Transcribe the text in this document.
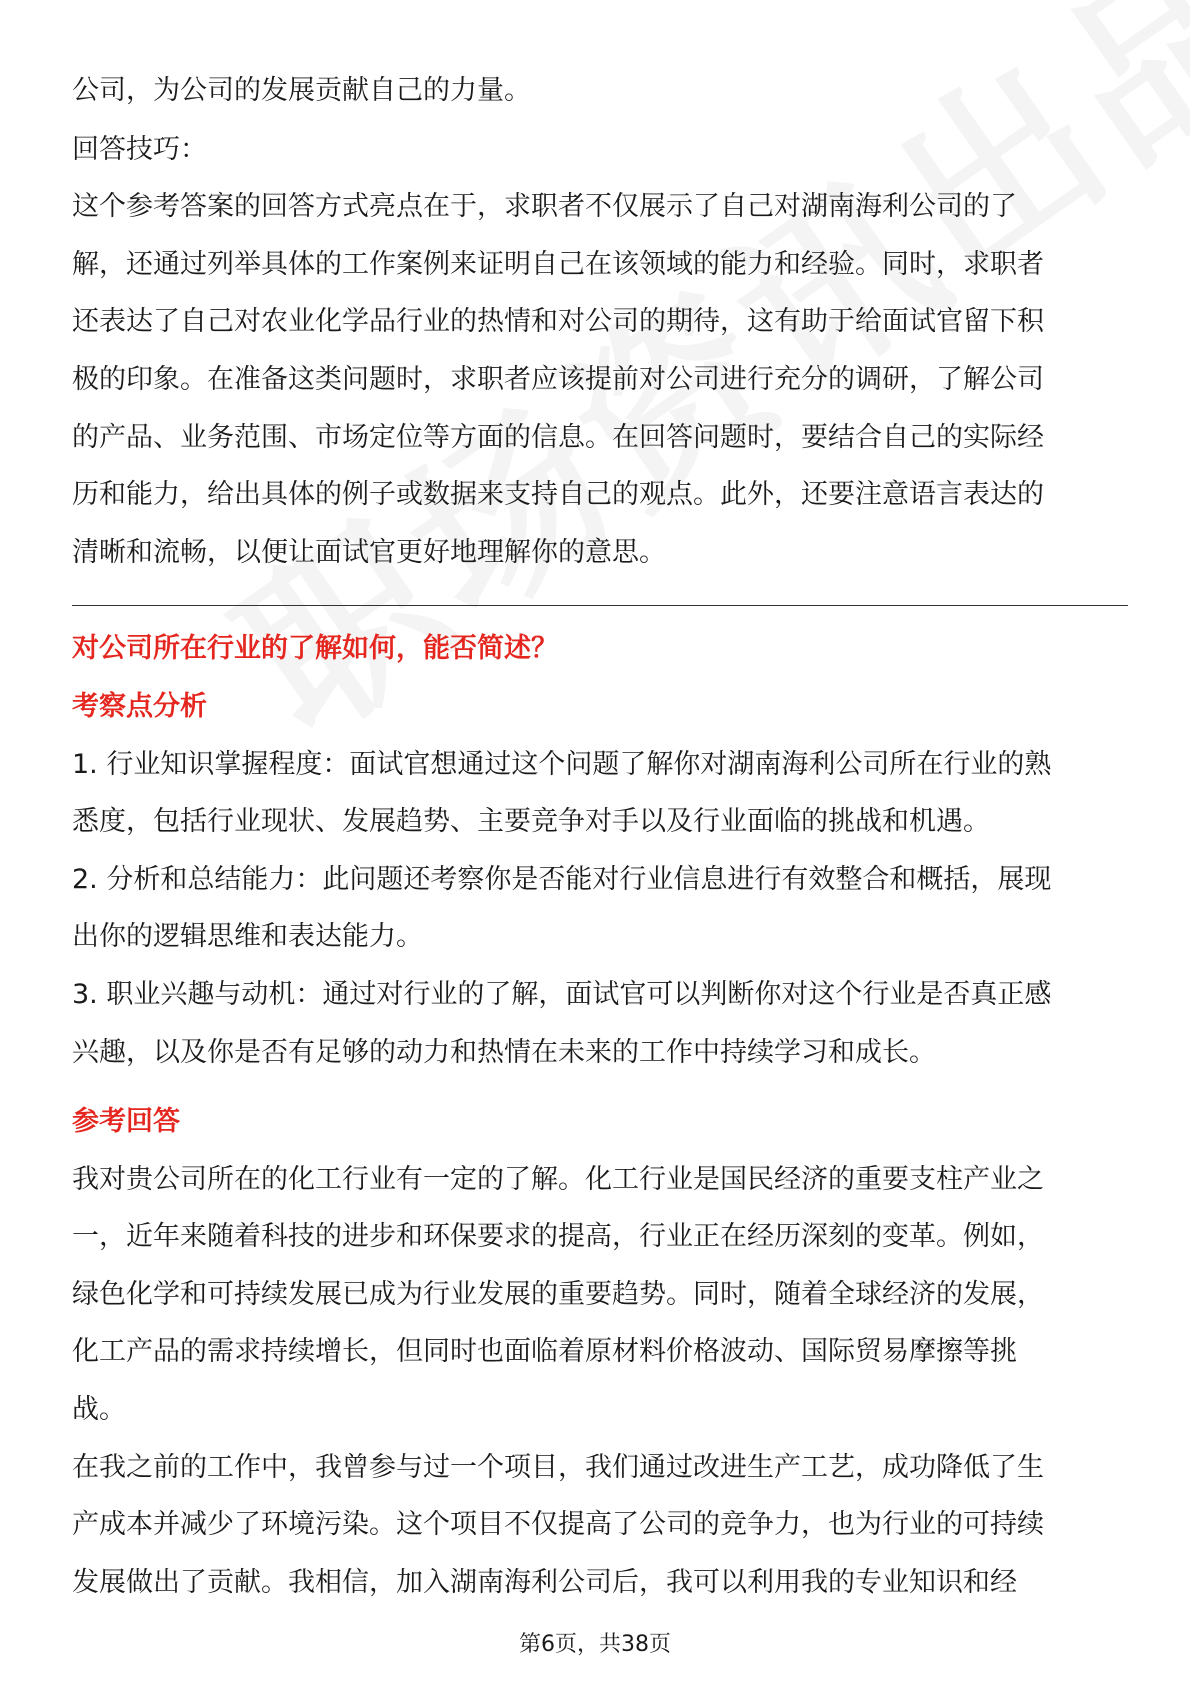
公司，为公司的发展贡献自己的力量。

回答技巧：

这个参考答案的回答方式亮点在于，求职者不仅展示了自己对湖南海利公司的了

解，还通过列举具体的工作案例来证明自己在该领域的能力和经验。同时，求职者

还表达了自己对农业化学品行业的热情和对公司的期待，这有助于给面试官留下积

极的印象。在准备这类问题时，求职者应该提前对公司进行充分的调研，了解公司

的产品、业务范围、市场定位等方面的信息。在回答问题时，要结合自己的实际经

历和能力，给出具体的例子或数据来支持自己的观点。此外，还要注意语言表达的

清晰和流畅，以便让面试官更好地理解你的意思。

对公司所在行业的了解如何，能否简述？

考察点分析

1. 行业知识掌握程度：面试官想通过这个问题了解你对湖南海利公司所在行业的熟

悉度，包括行业现状、发展趋势、主要竞争对手以及行业面临的挑战和机遇。

2. 分析和总结能力：此问题还考察你是否能对行业信息进行有效整合和概括，展现

出你的逻辑思维和表达能力。

3. 职业兴趣与动机：通过对行业的了解，面试官可以判断你对这个行业是否真正感

兴趣，以及你是否有足够的动力和热情在未来的工作中持续学习和成长。

参考回答

我对贵公司所在的化工行业有一定的了解。化工行业是国民经济的重要支柱产业之

一，近年来随着科技的进步和环保要求的提高，行业正在经历深刻的变革。例如，

绿色化学和可持续发展已成为行业发展的重要趋势。同时，随着全球经济的发展，

化工产品的需求持续增长，但同时也面临着原材料价格波动、国际贸易摩擦等挑

战。

在我之前的工作中，我曾参与过一个项目，我们通过改进生产工艺，成功降低了生

产成本并减少了环境污染。这个项目不仅提高了公司的竞争力，也为行业的可持续

发展做出了贡献。我相信，加入湖南海利公司后，我可以利用我的专业知识和经

第6页，共38页
